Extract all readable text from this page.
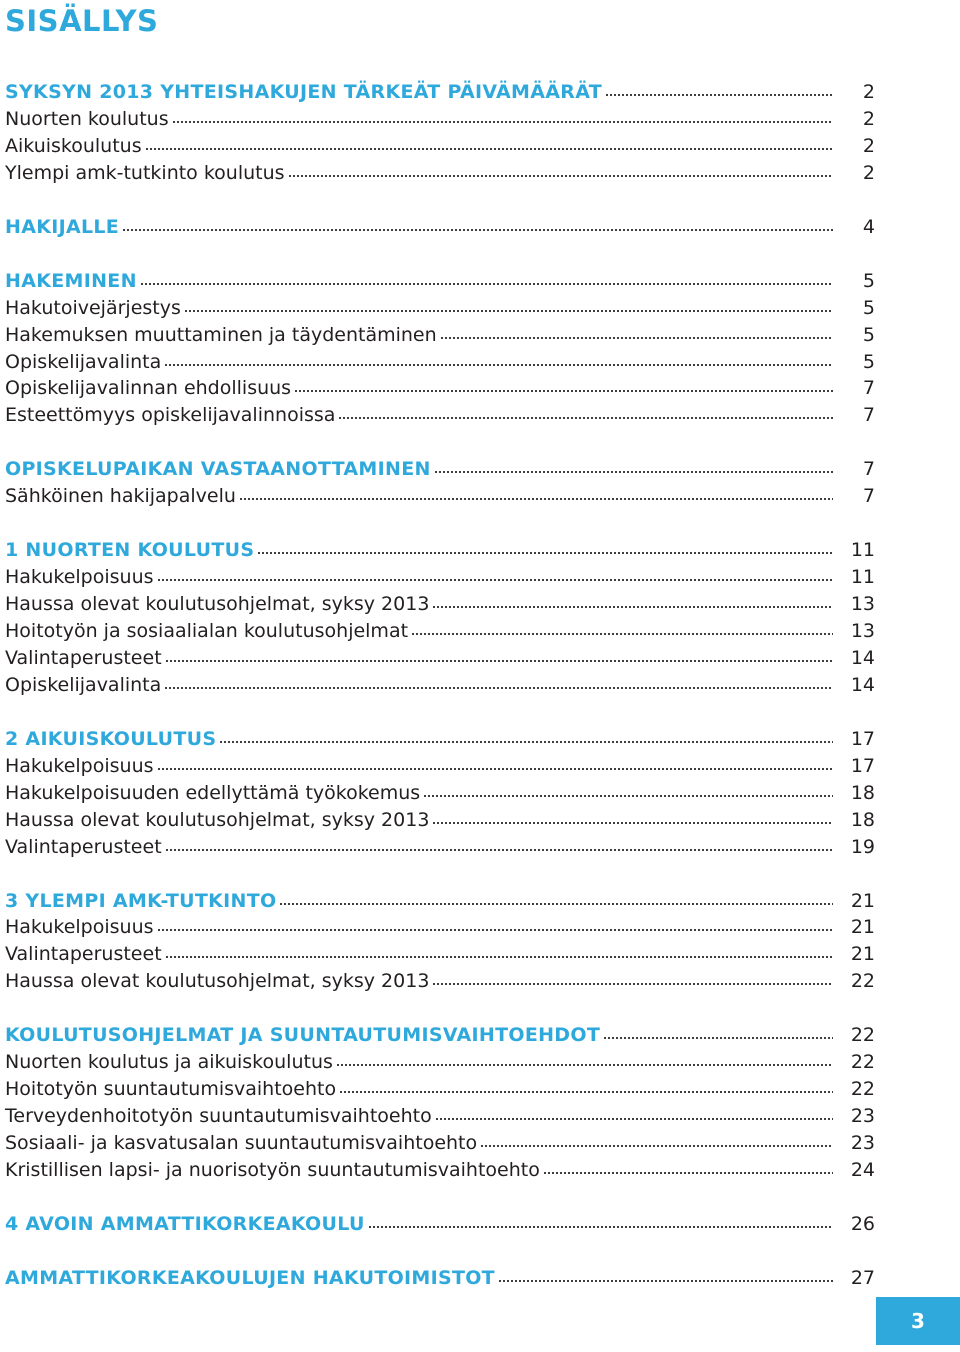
SISÄLLYS
SYKSYN 2013 YHTEISHAKUJEN TÄRKEÄT PÄIVÄMÄÄRÄT	2
Nuorten koulutus	2
Aikuiskoulutus	2
Ylempi amk-tutkinto koulutus	2
HAKIJALLE	4
HAKEMINEN	5
Hakutoivejärjestys	5
Hakemuksen muuttaminen ja täydentäminen	5
Opiskelijavalinta	5
Opiskelijavalinnan ehdollisuus	7
Esteettömyys opiskelijavalinnoissa	7
OPISKELUPAIKAN VASTAANOTTAMINEN	7
Sähköinen hakijapalvelu	7
1 NUORTEN KOULUTUS	11
Hakukelpoisuus	11
Haussa olevat koulutusohjelmat, syksy 2013	13
Hoitotyön ja sosiaalialan koulutusohjelmat	13
Valintaperusteet	14
Opiskelijavalinta	14
2 AIKUISKOULUTUS	17
Hakukelpoisuus	17
Hakukelpoisuuden edellyttämä työkokemus	18
Haussa olevat koulutusohjelmat, syksy 2013	18
Valintaperusteet	19
3 YLEMPI AMK-TUTKINTO	21
Hakukelpoisuus	21
Valintaperusteet	21
Haussa olevat koulutusohjelmat, syksy 2013	22
KOULUTUSOHJELMAT JA SUUNTAUTUMISVAIHTOEHDOT	22
Nuorten koulutus ja aikuiskoulutus	22
Hoitotyön suuntautumisvaihtoehto	22
Terveydenhoitotyön suuntautumisvaihtoehto	23
Sosiaali- ja kasvatusalan suuntautumisvaihtoehto	23
Kristillisen lapsi- ja nuorisotyön suuntautumisvaihtoehto	24
4 AVOIN AMMATTIKORKEAKOULU	26
AMMATTIKORKEAKOULUJEN HAKUTOIMISTOT	27
3
